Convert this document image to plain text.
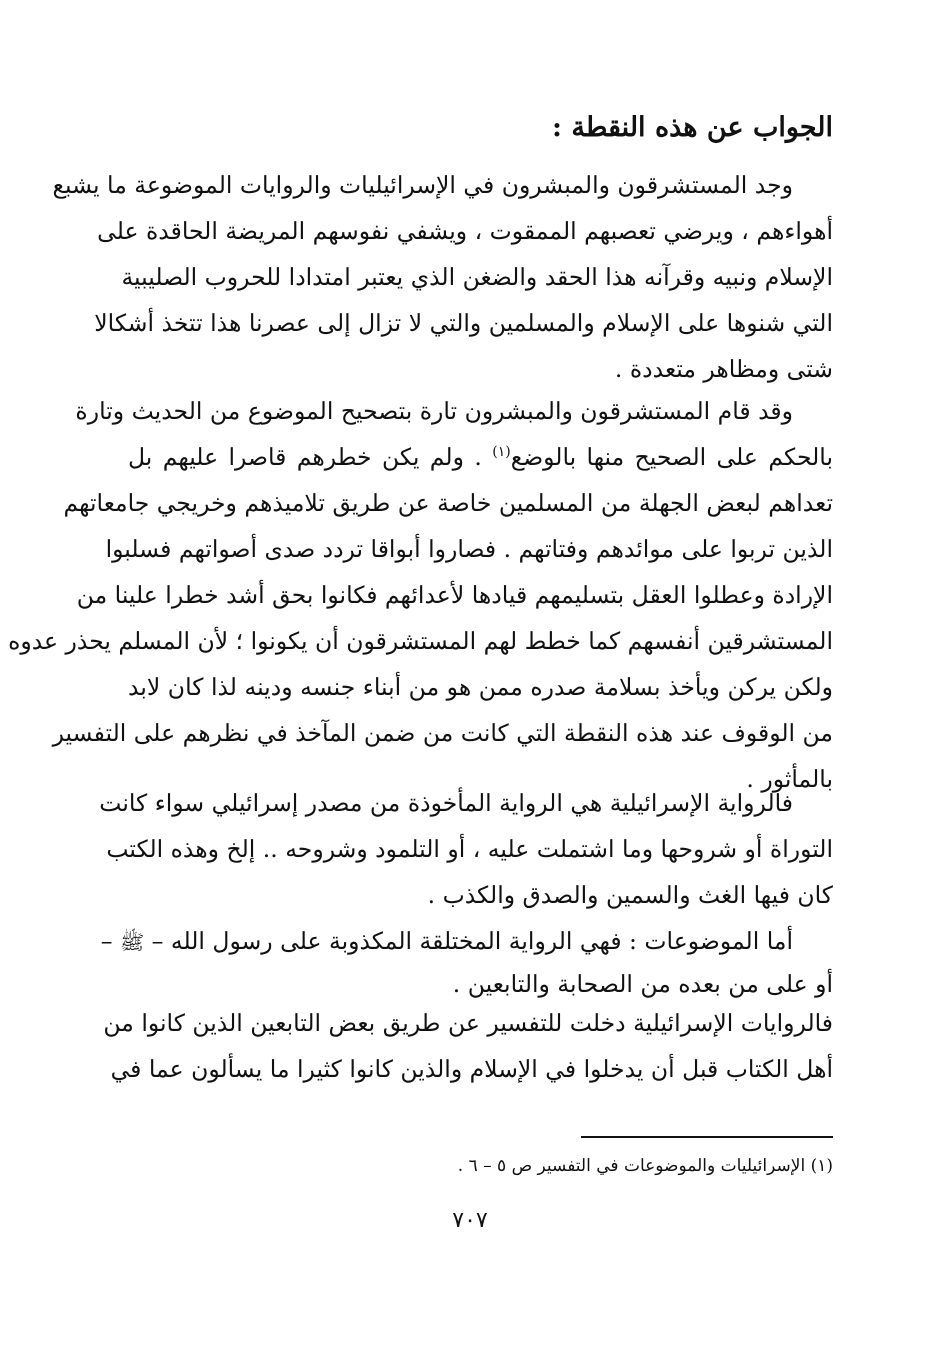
الجواب عن هذه النقطة :

وجد المستشرقون والمبشرون في الإسرائيليات والروايات الموضوعة ما يشبع
أهواءهم ، ويرضي تعصبهم الممقوت ، ويشفي نفوسهم المريضة الحاقدة على
الإسلام ونبيه وقرآنه هذا الحقد والضغن الذي يعتبر امتدادا للحروب الصليبية
التي شنوها على الإسلام والمسلمين والتي لا تزال إلى عصرنا هذا تتخذ أشكالا
شتى ومظاهر متعددة .

وقد قام المستشرقون والمبشرون تارة بتصحيح الموضوع من الحديث وتارة
بالحكم على الصحيح منها بالوضع$^{(١)}$ . ولم يكن خطرهم قاصرا عليهم بل
تعداهم لبعض الجهلة من المسلمين خاصة عن طريق تلاميذهم وخريجي جامعاتهم
الذين تربوا على موائدهم وفتاتهم . فصاروا أبواقا تردد صدى أصواتهم فسلبوا
الإرادة وعطلوا العقل بتسليمهم قيادها لأعدائهم فكانوا بحق أشد خطرا علينا من
المستشرقين أنفسهم كما خطط لهم المستشرقون أن يكونوا ؛ لأن المسلم يحذر عدوه
ولكن يركن ويأخذ بسلامة صدره ممن هو من أبناء جنسه ودينه لذا كان لابد
من الوقوف عند هذه النقطة التي كانت من ضمن المآخذ في نظرهم على التفسير
بالمأثور .

فالرواية الإسرائيلية هي الرواية المأخوذة من مصدر إسرائيلي سواء كانت
التوراة أو شروحها وما اشتملت عليه ، أو التلمود وشروحه .. إلخ وهذه الكتب
كان فيها الغث والسمين والصدق والكذب .

أما الموضوعات : فهي الرواية المختلقة المكذوبة على رسول الله – ﷺ –
أو على من بعده من الصحابة والتابعين .

فالروايات الإسرائيلية دخلت للتفسير عن طريق بعض التابعين الذين كانوا من
أهل الكتاب قبل أن يدخلوا في الإسلام والذين كانوا كثيرا ما يسألون عما في

(١) الإسرائيليات والموضوعات في التفسير ص ٥ – ٦ .
٧٠٧
